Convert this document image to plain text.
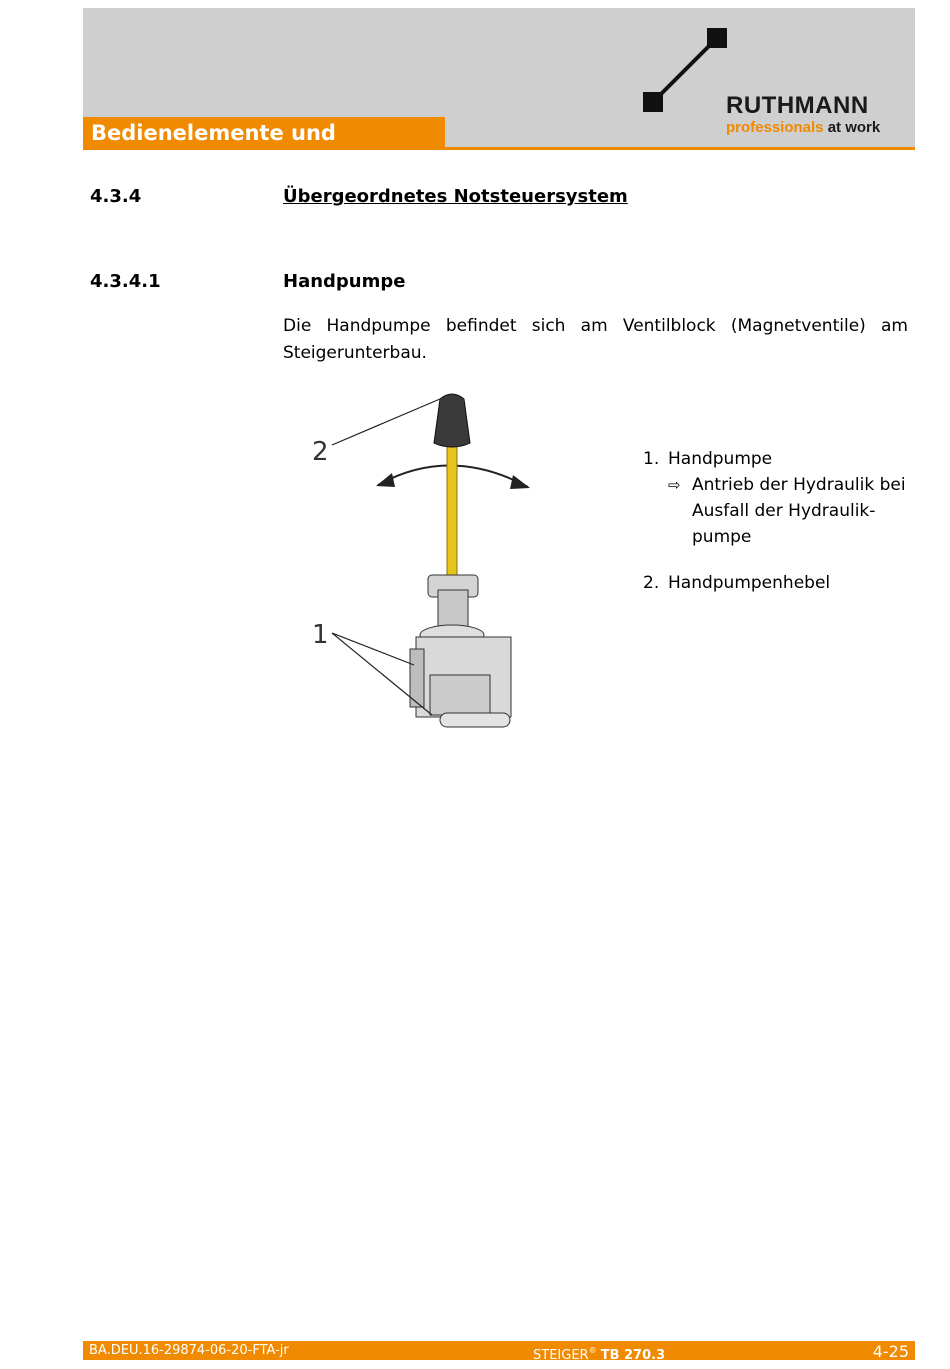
Bedienelemente und Anzeigen
RUTHMANN
professionals at work
4.3.4	Übergeordnetes Notsteuersystem
4.3.4.1	Handpumpe
Die Handpumpe befindet sich am Ventilblock (Magnetventile) am Steigerunterbau.
2
1
1. Handpumpe
⇨ Antrieb der Hydraulik bei
Ausfall der Hydraulik-
pumpe
2. Handpumpenhebel
BA.DEU.16-29874-06-20-FTA-jr	STEIGER® TB 270.3	4-25
